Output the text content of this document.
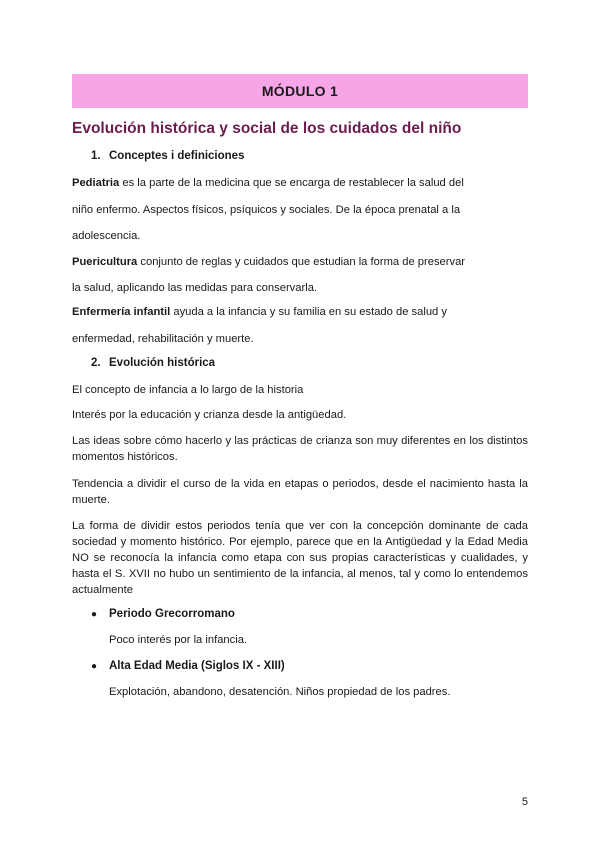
MÓDULO 1
Evolución histórica y social de los cuidados del niño
1. Conceptes i definiciones
Pediatria es la parte de la medicina que se encarga de restablecer la salud del
niño enfermo. Aspectos físicos, psíquicos y sociales. De la época prenatal a la
adolescencia.
Puericultura conjunto de reglas y cuidados que estudian la forma de preservar
la salud, aplicando las medidas para conservarla.
Enfermería infantil ayuda a la infancia y su familia en su estado de salud y
enfermedad, rehabilitación y muerte.
2. Evolución histórica
El concepto de infancia a lo largo de la historia
Interés por la educación y crianza desde la antigüedad.
Las ideas sobre cómo hacerlo y las prácticas de crianza son muy diferentes en los distintos momentos históricos.
Tendencia a dividir el curso de la vida en etapas o periodos, desde el nacimiento hasta la muerte.
La forma de dividir estos periodos tenía que ver con la concepción dominante de cada sociedad y momento histórico. Por ejemplo, parece que en la Antigüedad y la Edad Media NO se reconocía la infancia como etapa con sus propias características y cualidades, y hasta el S. XVII no hubo un sentimiento de la infancia, al menos, tal y como lo entendemos actualmente
● Periodo Grecorromano
Poco interés por la infancia.
● Alta Edad Media (Siglos IX - XIII)
Explotación, abandono, desatención. Niños propiedad de los padres.
5
